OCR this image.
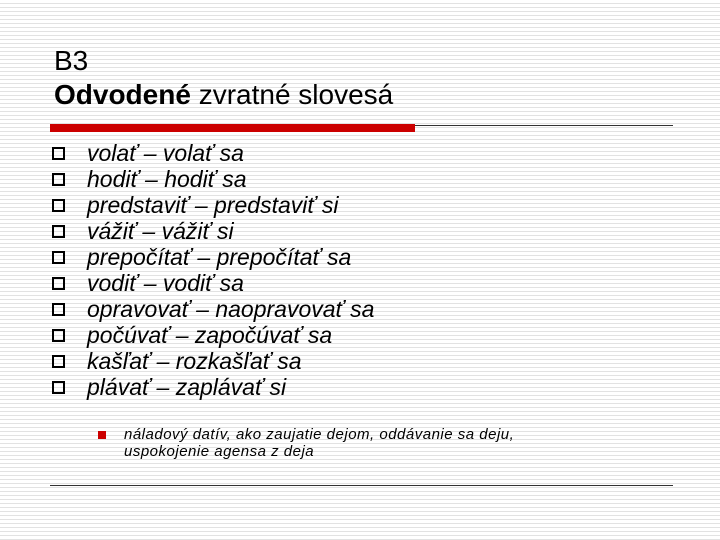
B3
Odvodené zvratné slovesá
volať – volať sa
hodiť – hodiť sa
predstaviť – predstaviť si
vážiť – vážiť si
prepočítať – prepočítať sa
vodiť – vodiť sa
opravovať – naopravovať sa
počúvať – započúvať sa
kašľať – rozkašľať sa
plávať – zaplávať si
náladový datív, ako zaujatie dejom, oddávanie sa deju,
uspokojenie agensa z deja
